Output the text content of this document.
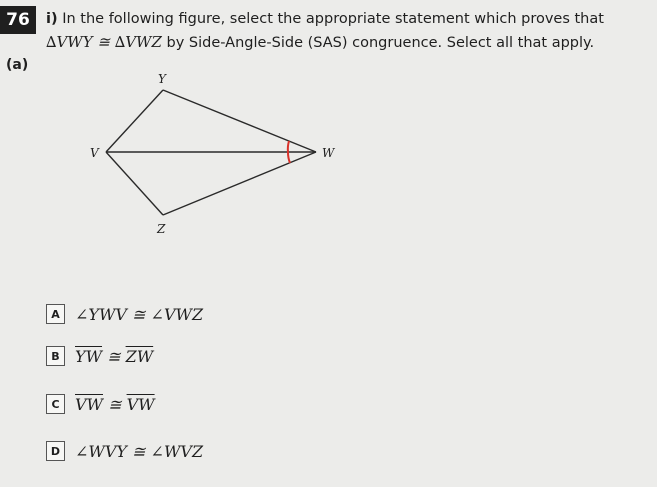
76	i) In the following figure, select the appropriate statement which proves that
∆VWY ≅ ∆VWZ by Side-Angle-Side (SAS) congruence. Select all that apply.
(a)
Y
V	W
Z
A ∠YWV ≅ ∠VWZ
B $\overline{YW}$ ≅ $\overline{ZW}$
C $\overline{VW}$ ≅ $\overline{VW}$
D ∠WVY ≅ ∠WVZ
